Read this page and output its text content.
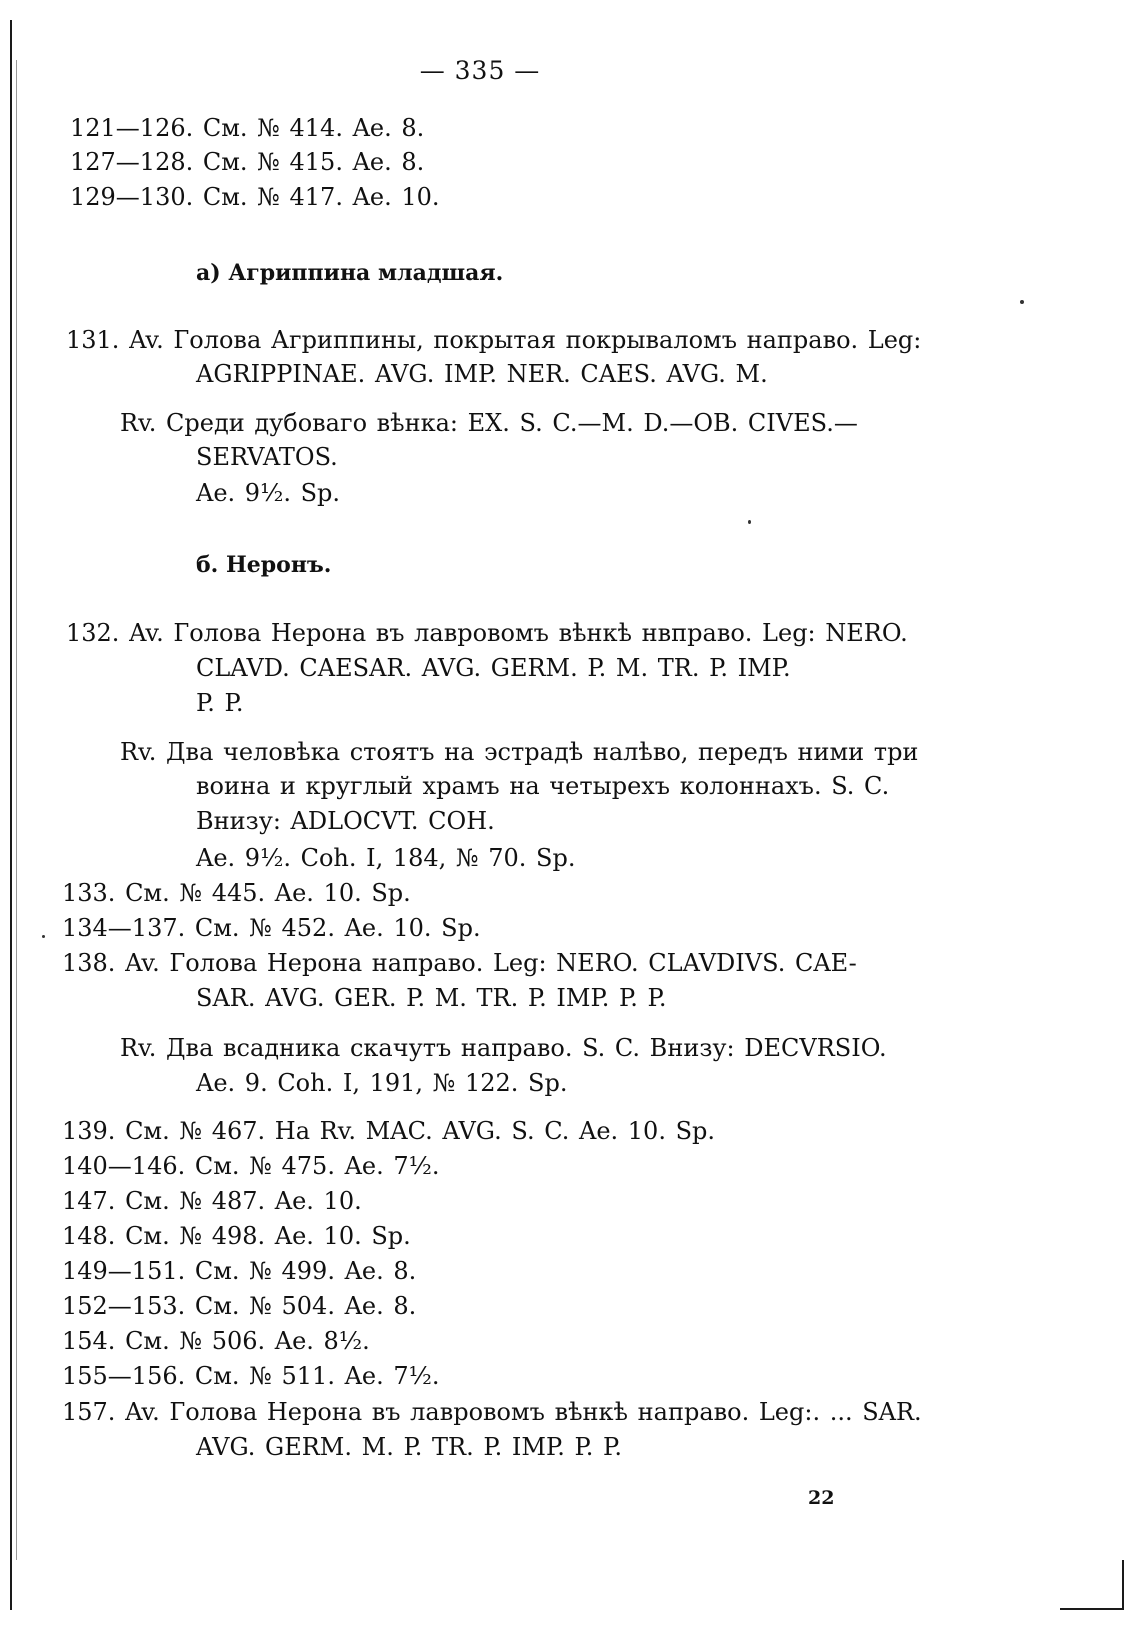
— 335 —
121—126. См. № 414. Ae. 8.
127—128. См. № 415. Ae. 8.
129—130. См. № 417. Ae. 10.
а) Агриппина младшая.
131. Av. Голова Агриппины, покрытая покрываломъ направо. Leg:
AGRIPPINAE. AVG. IMP. NER. CAES. AVG. M.
Rv. Среди дубоваго вѣнка: EX. S. C.—M. D.—OB. CIVES.—
SERVATOS.
Ae. 9½. Sp.
б. Неронъ.
132. Av. Голова Нерона въ лавровомъ вѣнкѣ нвправо. Leg: NERO.
CLAVD. CAESAR. AVG. GERM. P. M. TR. P. IMP.
P. P.
Rv. Два человѣка стоятъ на эстрадѣ налѣво, передъ ними три
воина и круглый храмъ на четырехъ колоннахъ. S. C.
Внизу: ADLOCVT. COH.
Ae. 9½. Coh. I, 184, № 70. Sp.
133. См. № 445. Ae. 10. Sp.
134—137. См. № 452. Ae. 10. Sp.
138. Av. Голова Нерона направо. Leg: NERO. CLAVDIVS. CAE-
SAR. AVG. GER. P. M. TR. P. IMP. P. P.
Rv. Два всадника скачутъ направо. S. C. Внизу: DECVRSIO.
Ae. 9. Coh. I, 191, № 122. Sp.
139. См. № 467. На Rv. MAC. AVG. S. C. Ae. 10. Sp.
140—146. См. № 475. Ae. 7½.
147. См. № 487. Ae. 10.
148. См. № 498. Ae. 10. Sp.
149—151. См. № 499. Ae. 8.
152—153. См. № 504. Ae. 8.
154. См. № 506. Ae. 8½.
155—156. См. № 511. Ae. 7½.
157. Av. Голова Нерона въ лавровомъ вѣнкѣ направо. Leg:. ... SAR.
AVG. GERM. M. P. TR. P. IMP. P. P.
22
